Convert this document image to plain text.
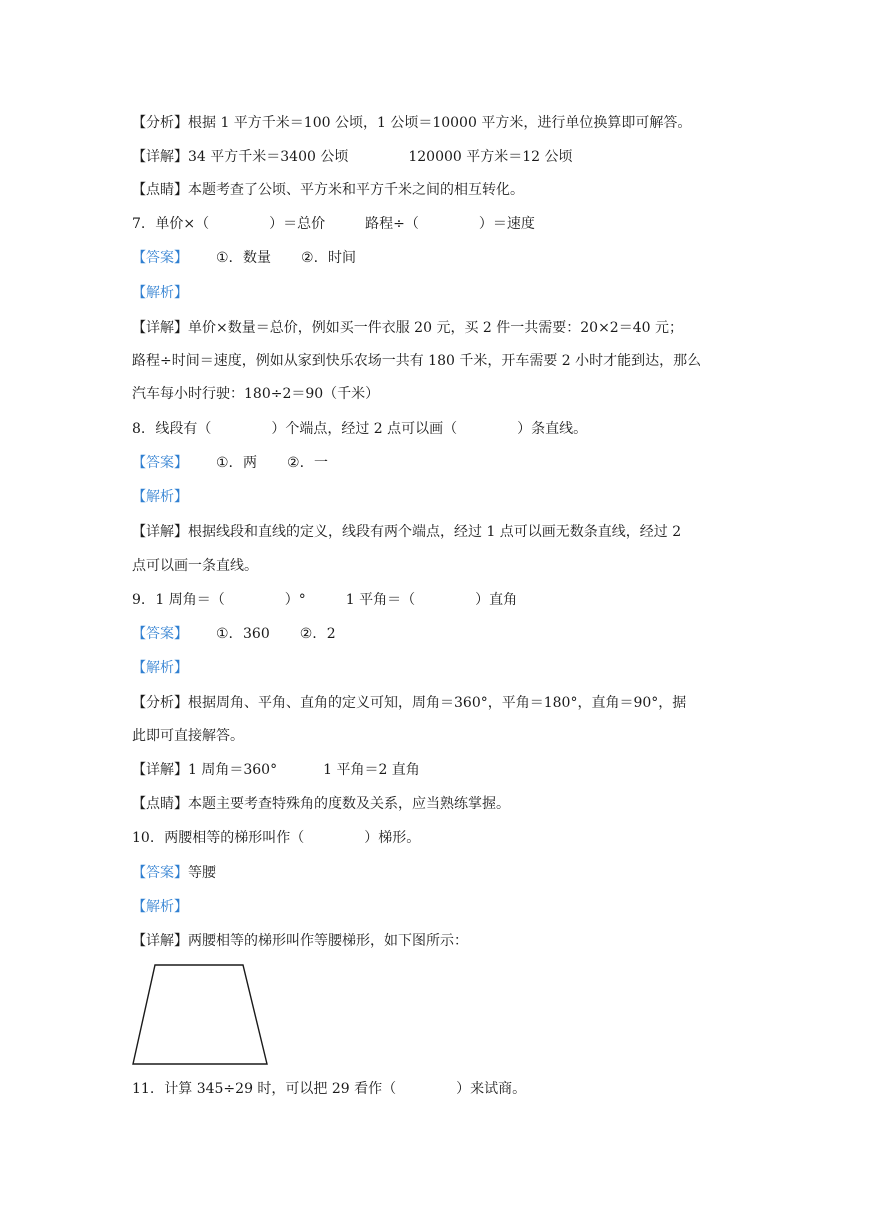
【分析】根据 1 平方千米＝100 公顷，1 公顷＝10000 平方米，进行单位换算即可解答。
【详解】34 平方千米＝3400 公顷	120000 平方米＝12 公顷
【点睛】本题考查了公顷、平方米和平方千米之间的相互转化。
7. 单价×（	）＝总价	路程÷（	）＝速度
【答案】 ①. 数量 ②. 时间
【解析】
【详解】单价×数量＝总价，例如买一件衣服 20 元，买 2 件一共需要：20×2＝40 元；
路程÷时间＝速度，例如从家到快乐农场一共有 180 千米，开车需要 2 小时才能到达，那么
汽车每小时行驶：180÷2＝90（千米）
8. 线段有（	）个端点，经过 2 点可以画（	）条直线。
【答案】 ①. 两 ②. 一
【解析】
【详解】根据线段和直线的定义，线段有两个端点，经过 1 点可以画无数条直线，经过 2
点可以画一条直线。
9. 1 周角＝（	）°	1 平角＝（	）直角
【答案】 ①. 360 ②. 2
【解析】
【分析】根据周角、平角、直角的定义可知，周角＝360°，平角＝180°，直角＝90°，据
此即可直接解答。
【详解】1 周角＝360°	1 平角＝2 直角
【点睛】本题主要考查特殊角的度数及关系，应当熟练掌握。
10. 两腰相等的梯形叫作（	）梯形。
【答案】等腰
【解析】
【详解】两腰相等的梯形叫作等腰梯形，如下图所示：
11. 计算 345÷29 时，可以把 29 看作（	）来试商。
